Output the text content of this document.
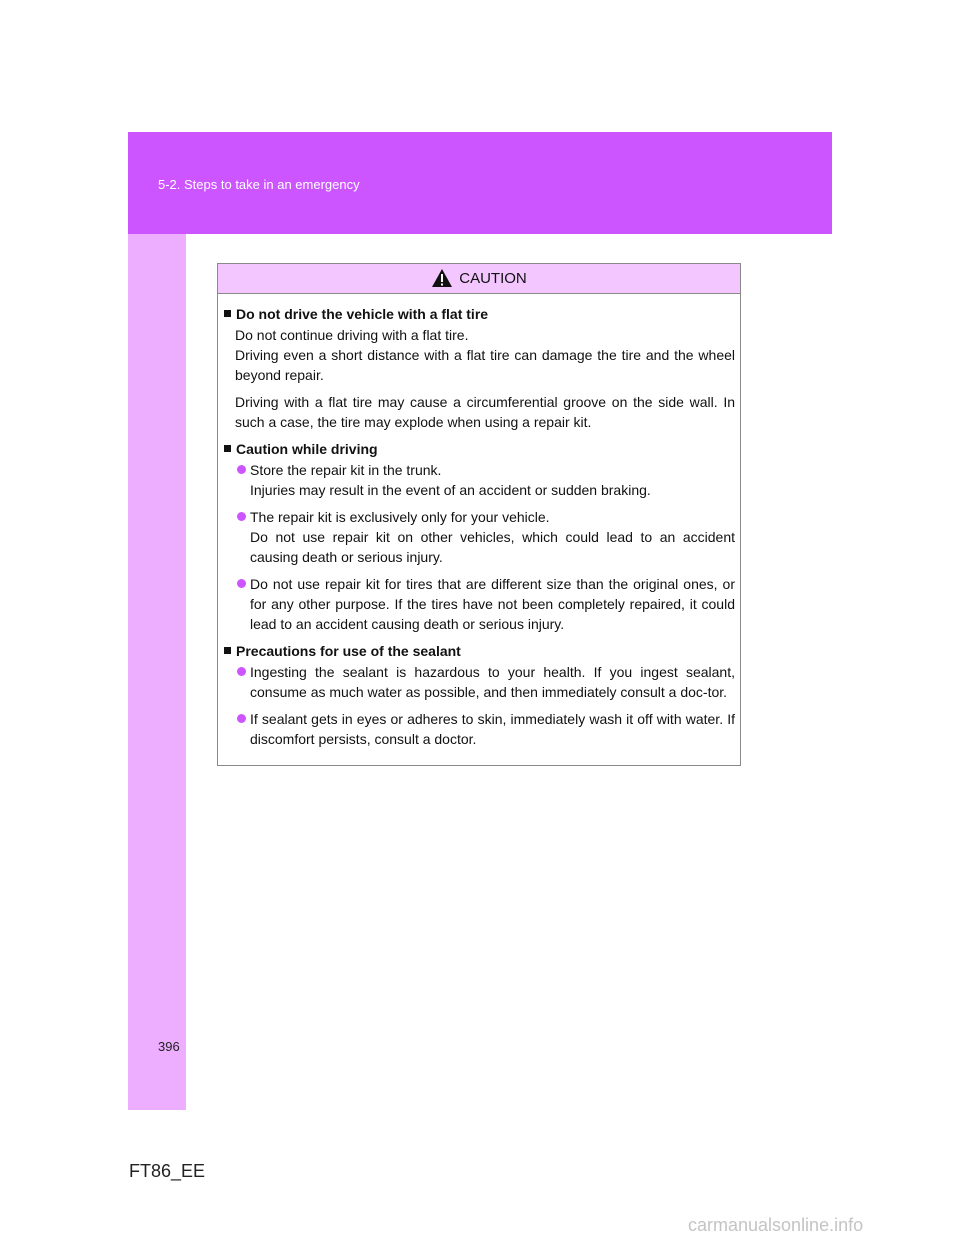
5-2. Steps to take in an emergency
CAUTION
Do not drive the vehicle with a flat tire
Do not continue driving with a flat tire.
Driving even a short distance with a flat tire can damage the tire and the wheel beyond repair.
Driving with a flat tire may cause a circumferential groove on the side wall. In such a case, the tire may explode when using a repair kit.
Caution while driving
Store the repair kit in the trunk.
Injuries may result in the event of an accident or sudden braking.
The repair kit is exclusively only for your vehicle.
Do not use repair kit on other vehicles, which could lead to an accident causing death or serious injury.
Do not use repair kit for tires that are different size than the original ones, or for any other purpose. If the tires have not been completely repaired, it could lead to an accident causing death or serious injury.
Precautions for use of the sealant
Ingesting the sealant is hazardous to your health. If you ingest sealant, consume as much water as possible, and then immediately consult a doc-tor.
If sealant gets in eyes or adheres to skin, immediately wash it off with water. If discomfort persists, consult a doctor.
396
FT86_EE
carmanualsonline.info
